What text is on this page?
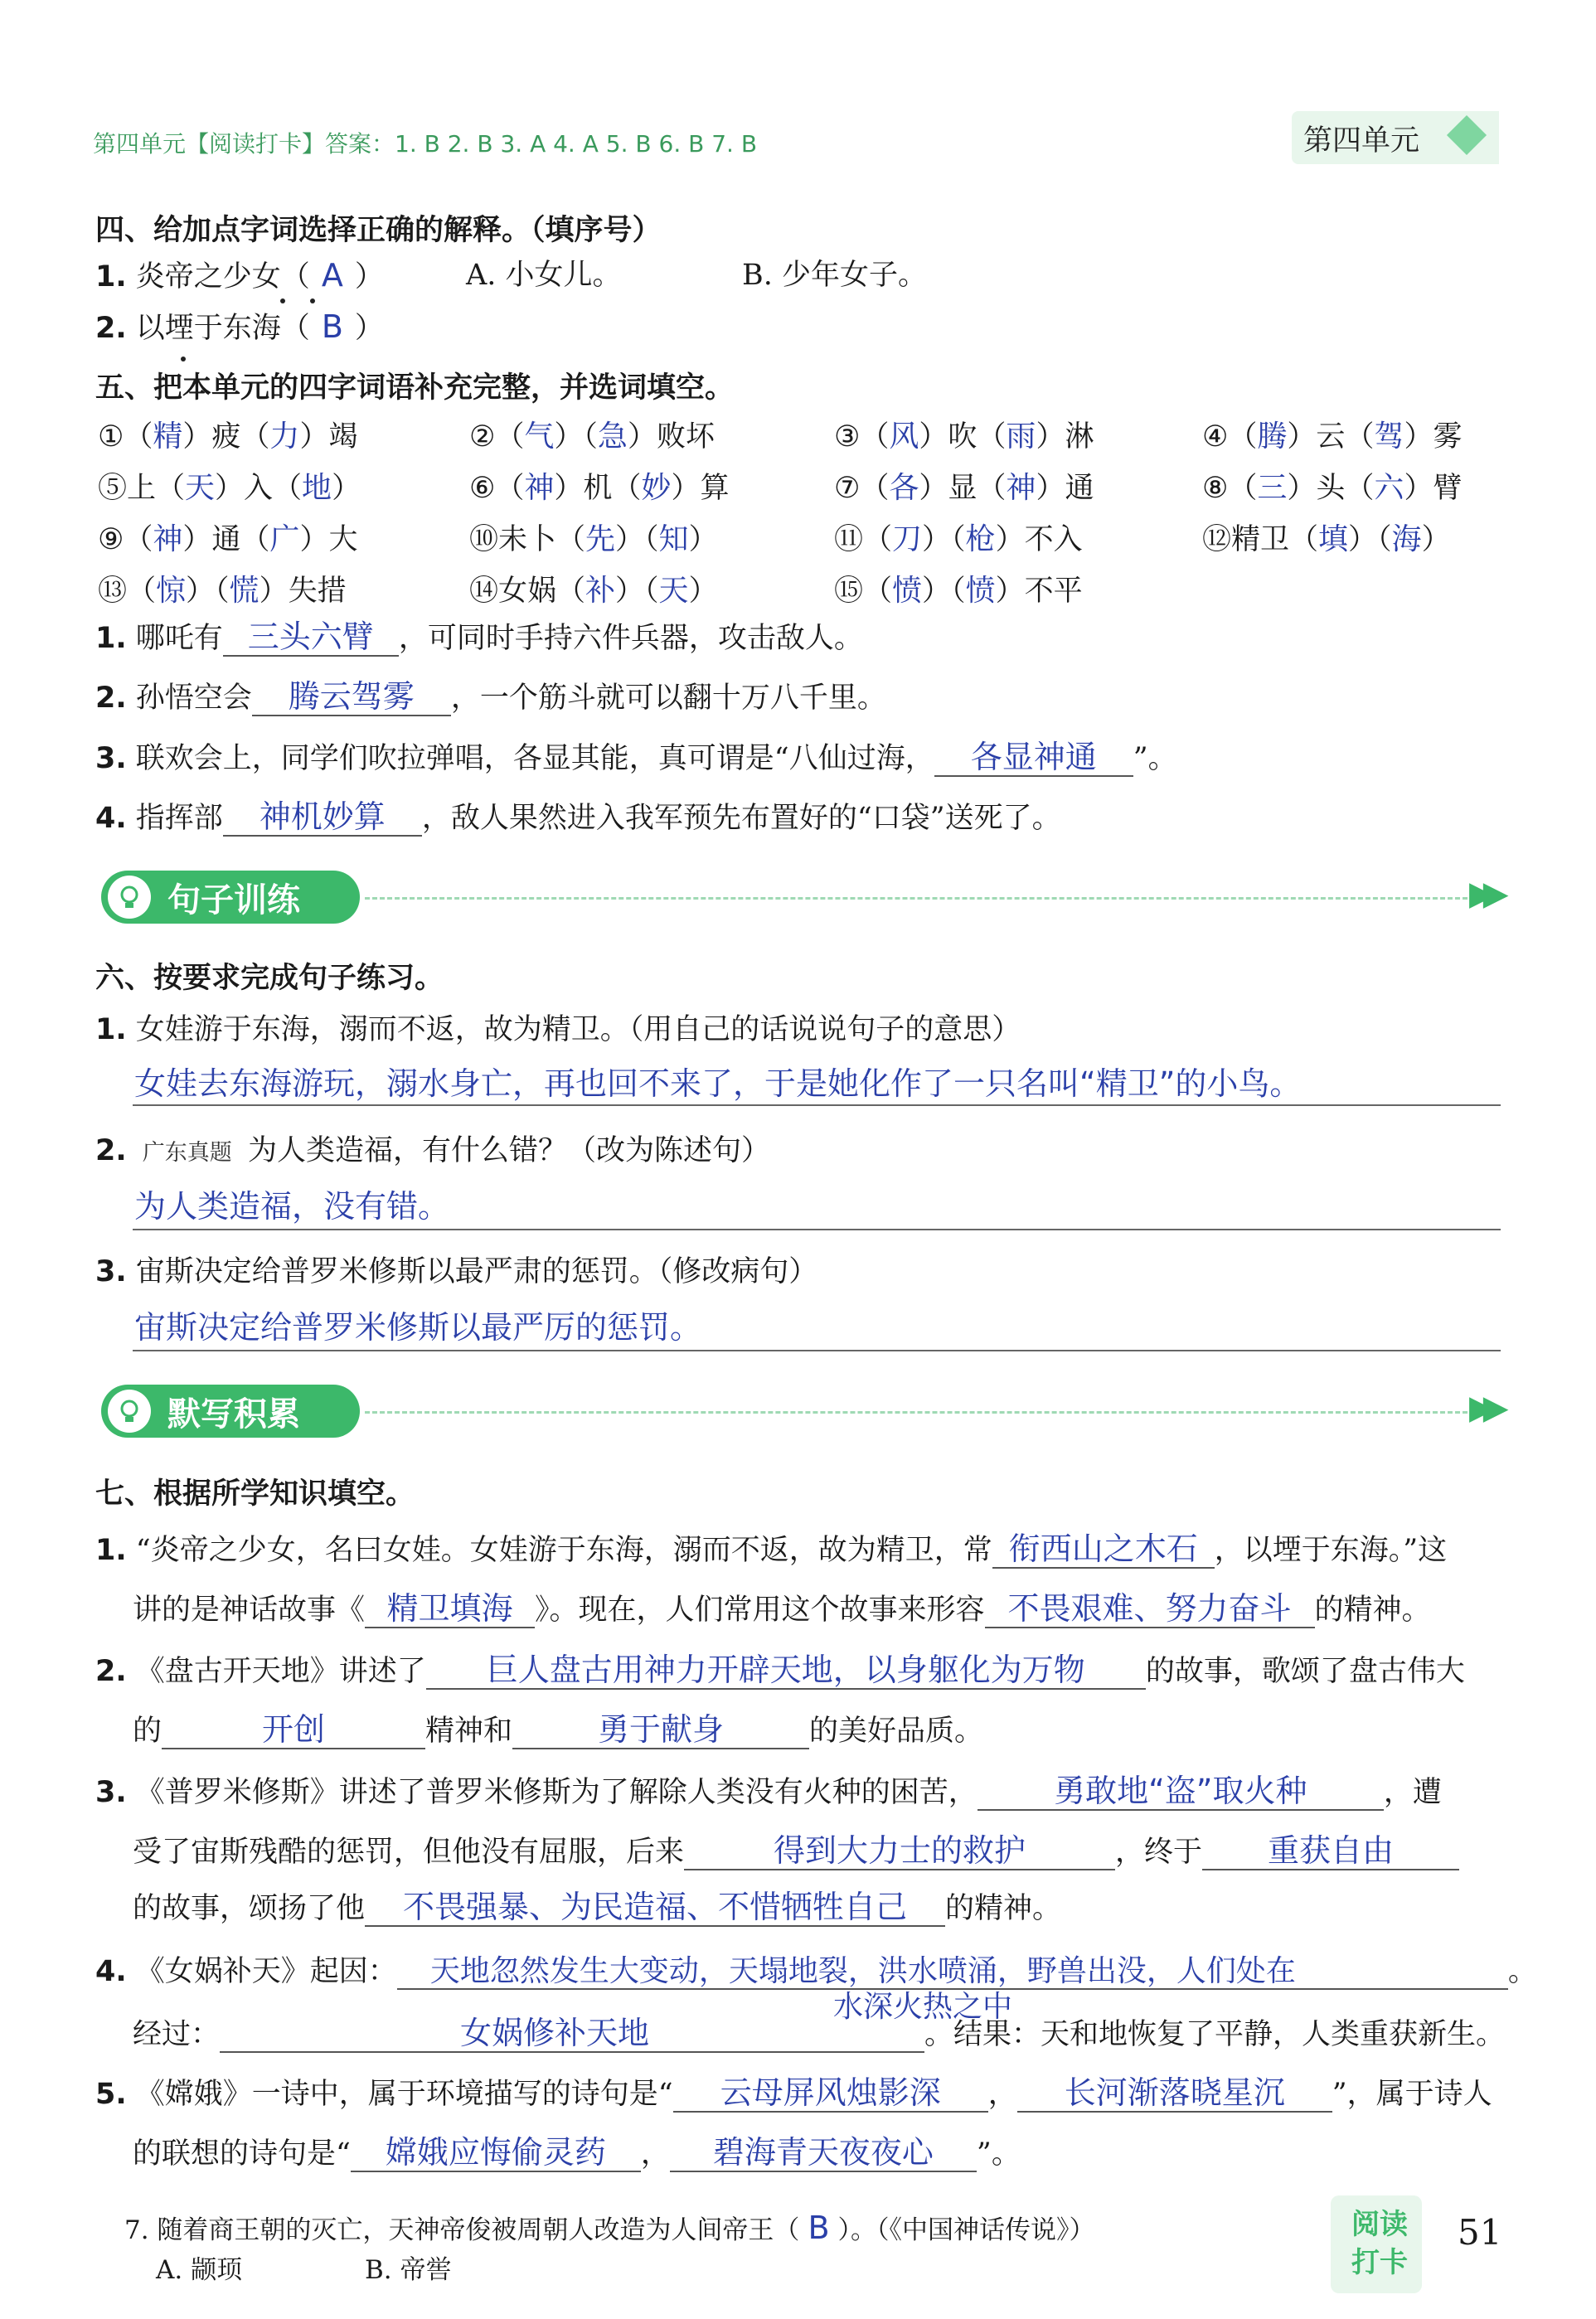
第四单元【阅读打卡】答案：1. B 2. B 3. A 4. A 5. B 6. B 7. B	第四单元
四、给加点字词选择正确的解释。（填序号）
1. 炎帝之少女（ A ）	A. 小女儿。	B. 少年女子。
2. 以堙于东海（ B ）
五、把本单元的四字词语补充完整，并选词填空。
①（精）疲（力）竭	②（气）（急）败坏	③（风）吹（雨）淋	④（腾）云（驾）雾
⑤上（天）入（地）	⑥（神）机（妙）算	⑦（各）显（神）通	⑧（三）头（六）臂
⑨（神）通（广）大	⑩未卜（先）（知）	⑪（刀）（枪）不入	⑫精卫（填）（海）
⑬（惊）（慌）失措	⑭女娲（补）（天）	⑮（愤）（愤）不平
1. 哪吒有 三头六臂 ，可同时手持六件兵器，攻击敌人。
2. 孙悟空会 腾云驾雾 ，一个筋斗就可以翻十万八千里。
3. 联欢会上，同学们吹拉弹唱，各显其能，真可谓是“八仙过海， 各显神通 ”。
4. 指挥部 神机妙算 ，敌人果然进入我军预先布置好的“口袋”送死了。
句子训练	▶▶
六、按要求完成句子练习。
1. 女娃游于东海，溺而不返，故为精卫。（用自己的话说说句子的意思）
女娃去东海游玩，溺水身亡，再也回不来了，于是她化作了一只名叫“精卫”的小鸟。
2. 广东真题 为人类造福，有什么错？（改为陈述句）
为人类造福，没有错。
3. 宙斯决定给普罗米修斯以最严肃的惩罚。（修改病句）
宙斯决定给普罗米修斯以最严厉的惩罚。
默写积累	▶▶
七、根据所学知识填空。
1. “炎帝之少女，名曰女娃。女娃游于东海，溺而不返，故为精卫，常 衔西山之木石 ，以堙于东海。”这
讲的是神话故事《 精卫填海 》。现在，人们常用这个故事来形容 不畏艰难、努力奋斗 的精神。
2. 《盘古开天地》讲述了 巨人盘古用神力开辟天地，以身躯化为万物 的故事，歌颂了盘古伟大
的	开创	精神和	勇于献身	的美好品质。
3. 《普罗米修斯》讲述了普罗米修斯为了解除人类没有火种的困苦， 勇敢地“盗”取火种	，遭
受了宙斯残酷的惩罚，但他没有屈服，后来	得到大力士的救护	，终于 重获自由
的故事，颂扬了他 不畏强暴、为民造福、不惜牺牲自己 的精神。
4. 《女娲补天》起因： 天地忽然发生大变动，天塌地裂，洪水喷涌，野兽出没，人们处在	。
水深火热之中
经过：	女娲修补天地	。结果：天和地恢复了平静，人类重获新生。
5. 《嫦娥》一诗中，属于环境描写的诗句是“ 云母屏风烛影深 ， 长河渐落晓星沉 ”，属于诗人
的联想的诗句是“ 嫦娥应悔偷灵药 ， 碧海青天夜夜心 ”。
7. 随着商王朝的灭亡，天神帝俊被周朝人改造为人间帝王（ B ）。（《中国神话传说》）
A. 颛顼	B. 帝喾
阅读打卡
51
